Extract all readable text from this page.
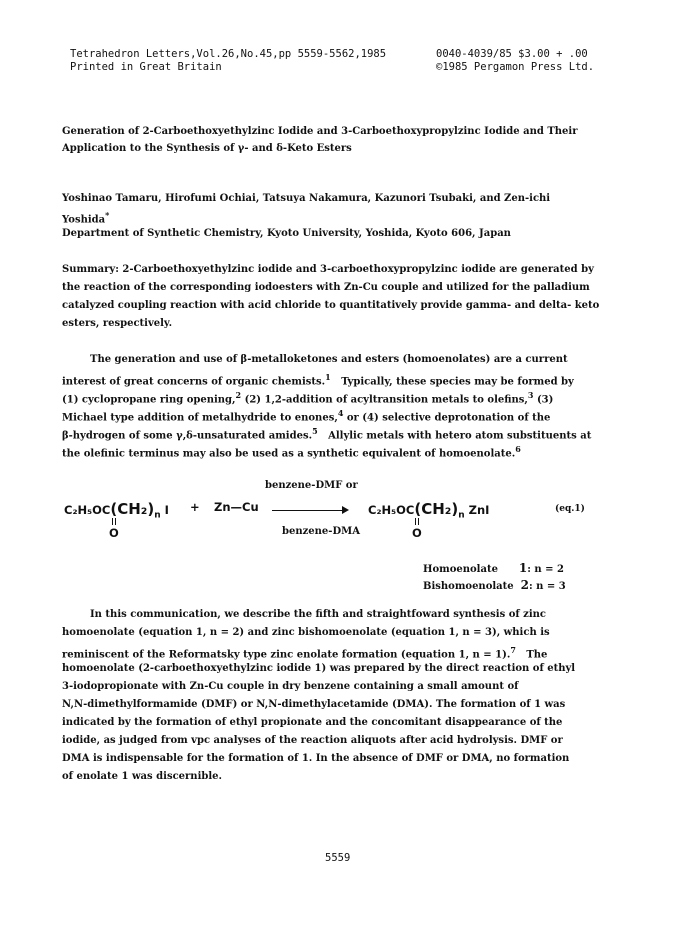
Tetrahedron Letters,Vol.26,No.45,pp 5559-5562,1985
Printed in Great Britain
0040-4039/85 $3.00 + .00
©1985 Pergamon Press Ltd.
Generation of 2-Carboethoxyethylzinc Iodide and 3-Carboethoxypropylzinc Iodide and Their
Application to the Synthesis of γ- and δ-Keto Esters
Yoshinao Tamaru, Hirofumi Ochiai, Tatsuya Nakamura, Kazunori Tsubaki, and Zen-ichi
Yoshida*
Department of Synthetic Chemistry, Kyoto University, Yoshida, Kyoto 606, Japan
Summary: 2-Carboethoxyethylzinc iodide and 3-carboethoxypropylzinc iodide are generated by
the reaction of the corresponding iodoesters with Zn-Cu couple and utilized for the palladium
catalyzed coupling reaction with acid chloride to quantitatively provide gamma- and delta- keto
esters, respectively.
The generation and use of β-metalloketones and esters (homoenolates) are a current
interest of great concerns of organic chemists.$^1$ Typically, these species may be formed by
(1) cyclopropane ring opening,$^2$ (2) 1,2-addition of acyltransition metals to olefins,$^3$ (3)
Michael type addition of metalhydride to enones,$^4$ or (4) selective deprotonation of the
β-hydrogen of some γ,δ-unsaturated amides.$^5$ Allylic metals with hetero atom substituents at
the olefinic terminus may also be used as a synthetic equivalent of homoenolate.$^6$
benzene-DMF or
$C_2H_5OC(CH_2)_n$ I
O
+ Zn—Cu	$C_2H_5OC(CH_2)_n$ ZnI
O
(eq.1)
benzene-DMA
Homoenolate 1: n = 2
Bishomoenolate 2: n = 3
In this communication, we describe the fifth and straightfoward synthesis of zinc
homoenolate (equation 1, n = 2) and zinc bishomoenolate (equation 1, n = 3), which is
reminiscent of the Reformatsky type zinc enolate formation (equation 1, n = 1).$^7$ The
homoenolate (2-carboethoxyethylzinc iodide 1) was prepared by the direct reaction of ethyl
3-iodopropionate with Zn-Cu couple in dry benzene containing a small amount of
N,N-dimethylformamide (DMF) or N,N-dimethylacetamide (DMA). The formation of 1 was
indicated by the formation of ethyl propionate and the concomitant disappearance of the
iodide, as judged from vpc analyses of the reaction aliquots after acid hydrolysis. DMF or
DMA is indispensable for the formation of 1. In the absence of DMF or DMA, no formation
of enolate 1 was discernible.
5559
